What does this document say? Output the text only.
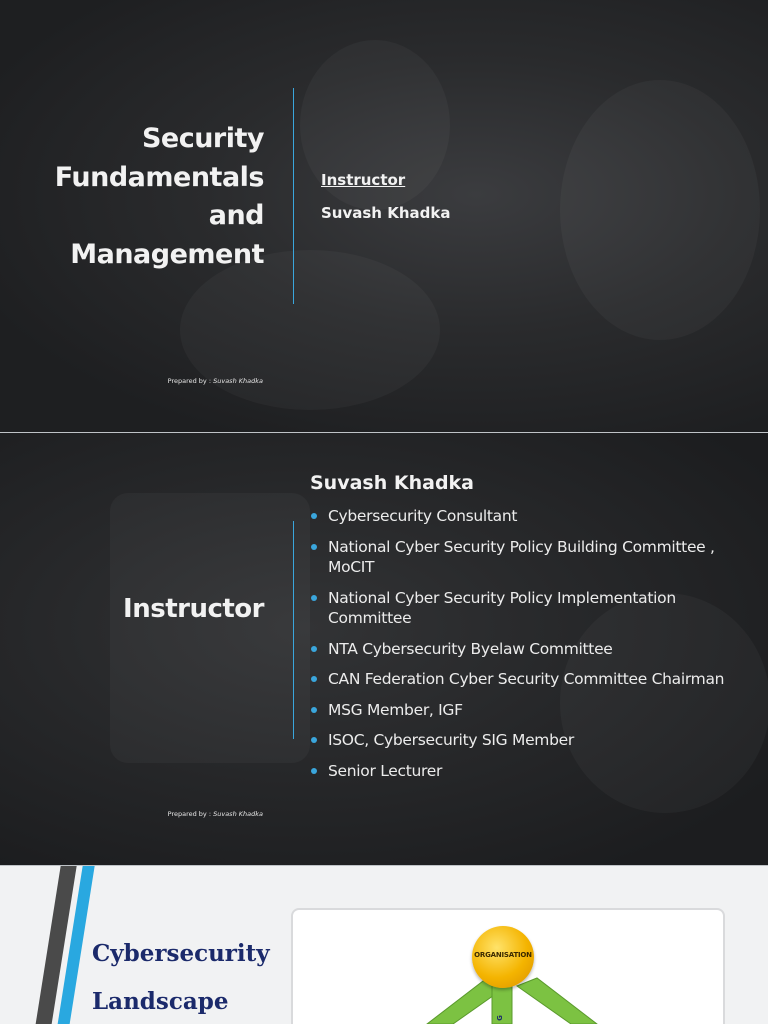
Security
Fundamentals
and
Management
Instructor
Suvash Khadka
Prepared by : Suvash Khadka
Prepared by : Suvash Khadka
Instructor
Suvash Khadka
Cybersecurity Consultant
National Cyber Security Policy Building Committee , MoCIT
National Cyber Security Policy Implementation Committee
NTA Cybersecurity Byelaw Committee
CAN Federation Cyber Security Committee Chairman
MSG Member, IGF
ISOC, Cybersecurity SIG Member
Senior Lecturer
Cybersecurity
Landscape
G
ORGANISATION
